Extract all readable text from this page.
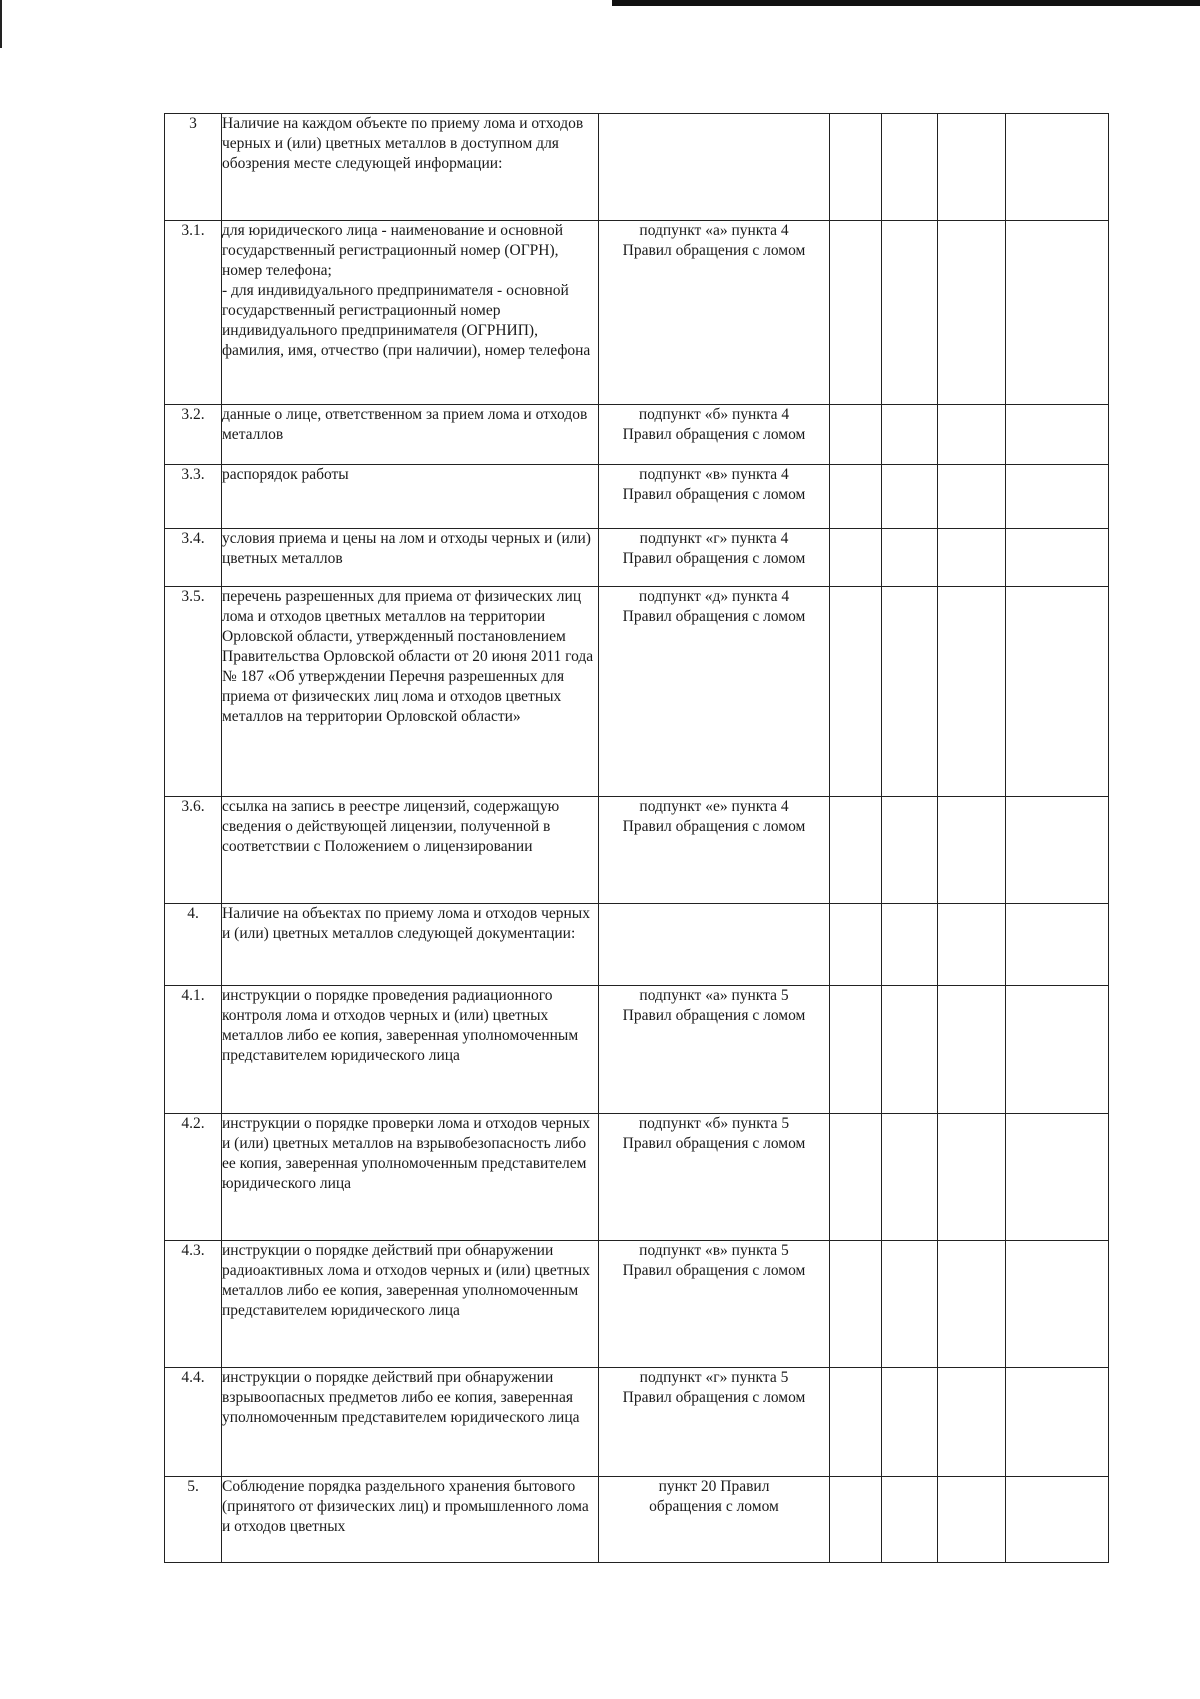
3	Наличие на каждом объекте по приему лома и отходов черных и (или) цветных металлов в доступном для обозрения месте следующей информации:					
3.1.	для юридического лица - наименование и основной государственный регистрационный номер (ОГРН), номер телефона;
- для индивидуального предпринимателя - основной государственный регистрационный номер индивидуального предпринимателя (ОГРНИП), фамилия, имя, отчество (при наличии), номер телефона	подпункт «а» пункта 4
Правил обращения с ломом				
3.2.	данные о лице, ответственном за прием лома и отходов металлов	подпункт «б» пункта 4
Правил обращения с ломом				
3.3.	распорядок работы	подпункт «в» пункта 4
Правил обращения с ломом				
3.4.	условия приема и цены на лом и отходы черных и (или) цветных металлов	подпункт «г» пункта 4
Правил обращения с ломом				
3.5.	перечень разрешенных для приема от физических лиц лома и отходов цветных металлов на территории Орловской области, утвержденный постановлением Правительства Орловской области от 20 июня 2011 года № 187 «Об утверждении Перечня разрешенных для приема от физических лиц лома и отходов цветных металлов на территории Орловской области»	подпункт «д» пункта 4
Правил обращения с ломом				
3.6.	ссылка на запись в реестре лицензий, содержащую сведения о действующей лицензии, полученной в соответствии с Положением о лицензировании	подпункт «е» пункта 4
Правил обращения с ломом				
4.	Наличие на объектах по приему лома и отходов черных и (или) цветных металлов следующей документации:					
4.1.	инструкции о порядке проведения радиационного контроля лома и отходов черных и (или) цветных металлов либо ее копия, заверенная уполномоченным представителем юридического лица	подпункт «а» пункта 5
Правил обращения с ломом				
4.2.	инструкции о порядке проверки лома и отходов черных и (или) цветных металлов на взрывобезопасность либо ее копия, заверенная уполномоченным представителем юридического лица	подпункт «б» пункта 5
Правил обращения с ломом				
4.3.	инструкции о порядке действий при обнаружении радиоактивных лома и отходов черных и (или) цветных металлов либо ее копия, заверенная уполномоченным представителем юридического лица	подпункт «в» пункта 5
Правил обращения с ломом				
4.4.	инструкции о порядке действий при обнаружении взрывоопасных предметов либо ее копия, заверенная уполномоченным представителем юридического лица	подпункт «г» пункта 5
Правил обращения с ломом				
5.	Соблюдение порядка раздельного хранения бытового (принятого от физических лиц) и промышленного лома и отходов цветных	пункт 20 Правил
обращения с ломом				
